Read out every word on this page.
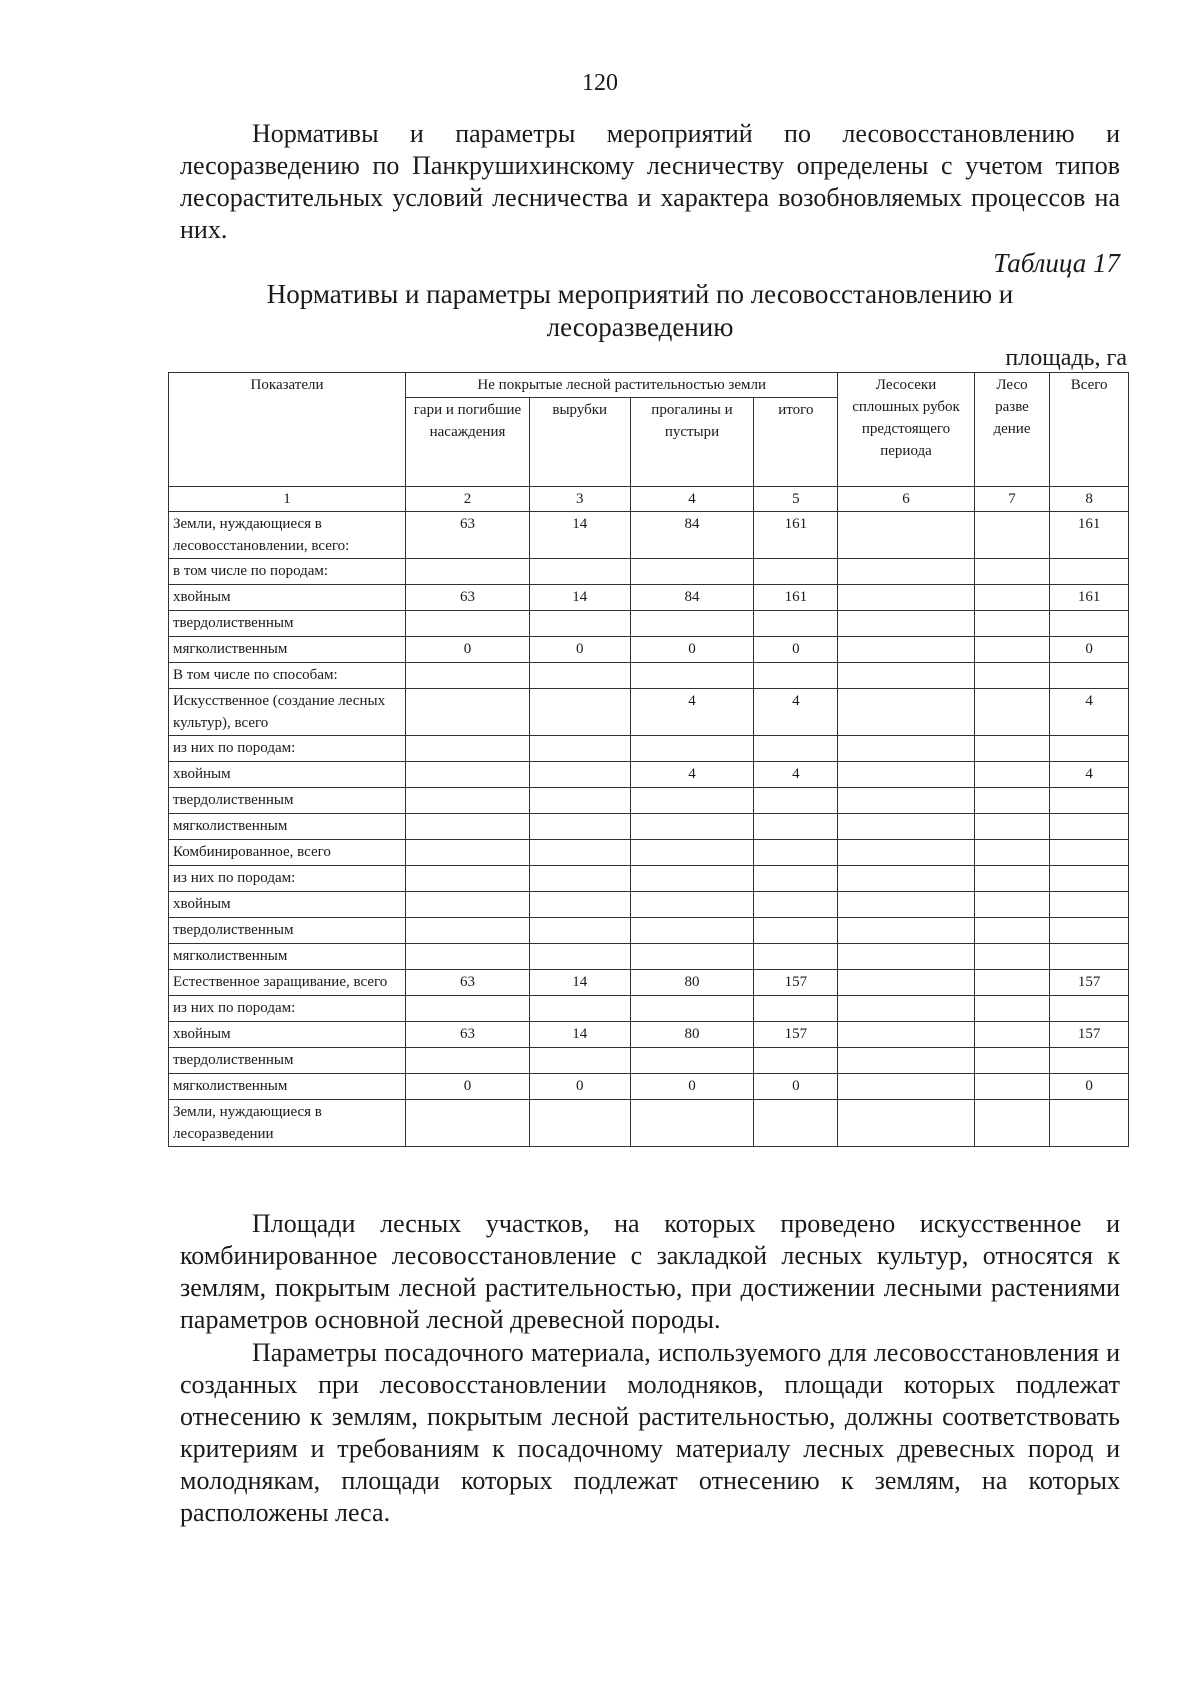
120

Нормативы и параметры мероприятий по лесовосстановлению и лесоразведению по Панкрушихинскому лесничеству определены с учетом типов лесорастительных условий лесничества и характера возобновляемых процессов на них.

Таблица 17
Нормативы и параметры мероприятий по лесовосстановлению и лесоразведению
площадь, га
Показатели	Не покрытые лесной растительностью земли				Лесосеки сплошных рубок предстоящего периода	Лесо разве дение	Всего
	гари и погибшие насаждения	вырубки	прогалины и пустыри	итого			
1	2	3	4	5	6	7	8
Земли, нуждающиеся в лесовосстановлении, всего:	63	14	84	161			161
в том числе по породам:							
хвойным	63	14	84	161			161
твердолиственным							
мягколиственным	0	0	0	0			0
В том числе по способам:							
Искусственное (создание лесных культур), всего			4	4			4
из них по породам:							
хвойным			4	4			4
твердолиственным							
мягколиственным							
Комбинированное, всего							
из них по породам:							
хвойным							
твердолиственным							
мягколиственным							
Естественное заращивание, всего	63	14	80	157			157
из них по породам:							
хвойным	63	14	80	157			157
твердолиственным							
мягколиственным	0	0	0	0			0
Земли, нуждающиеся в лесоразведении							

Площади лесных участков, на которых проведено искусственное и комбинированное лесовосстановление с закладкой лесных культур, относятся к землям, покрытым лесной растительностью, при достижении лесными растениями параметров основной лесной древесной породы.

Параметры посадочного материала, используемого для лесовосстановления и созданных при лесовосстановлении молодняков, площади которых подлежат отнесению к землям, покрытым лесной растительностью, должны соответствовать критериям и требованиям к посадочному материалу лесных древесных пород и молоднякам, площади которых подлежат отнесению к землям, на которых расположены леса.
